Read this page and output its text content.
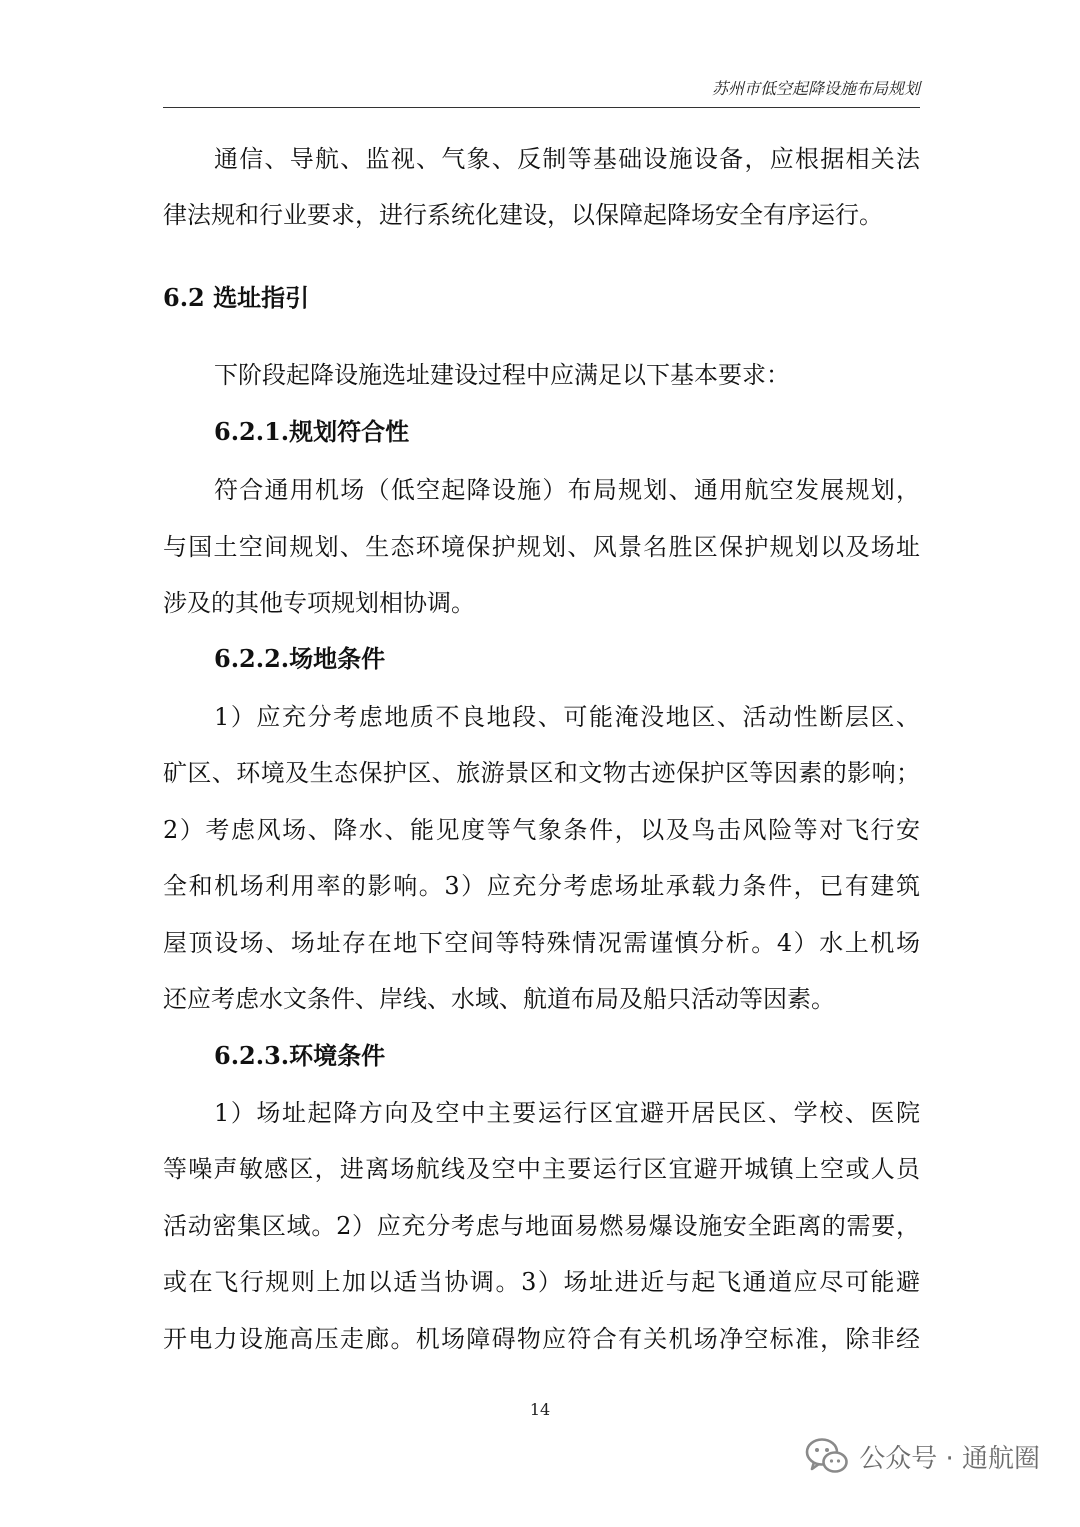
苏州市低空起降设施布局规划
通信、导航、监视、气象、反制等基础设施设备，应根据相关法
律法规和行业要求，进行系统化建设，以保障起降场安全有序运行。
6.2 选址指引
下阶段起降设施选址建设过程中应满足以下基本要求：
6.2.1.规划符合性
符合通用机场（低空起降设施）布局规划、通用航空发展规划，
与国土空间规划、生态环境保护规划、风景名胜区保护规划以及场址
涉及的其他专项规划相协调。
6.2.2.场地条件
1）应充分考虑地质不良地段、可能淹没地区、活动性断层区、
矿区、环境及生态保护区、旅游景区和文物古迹保护区等因素的影响；
2）考虑风场、降水、能见度等气象条件，以及鸟击风险等对飞行安
全和机场利用率的影响。3）应充分考虑场址承载力条件，已有建筑
屋顶设场、场址存在地下空间等特殊情况需谨慎分析。4）水上机场
还应考虑水文条件、岸线、水域、航道布局及船只活动等因素。
6.2.3.环境条件
1）场址起降方向及空中主要运行区宜避开居民区、学校、医院
等噪声敏感区，进离场航线及空中主要运行区宜避开城镇上空或人员
活动密集区域。2）应充分考虑与地面易燃易爆设施安全距离的需要，
或在飞行规则上加以适当协调。3）场址进近与起飞通道应尽可能避
开电力设施高压走廊。机场障碍物应符合有关机场净空标准，除非经
14
公众号 · 通航圈
